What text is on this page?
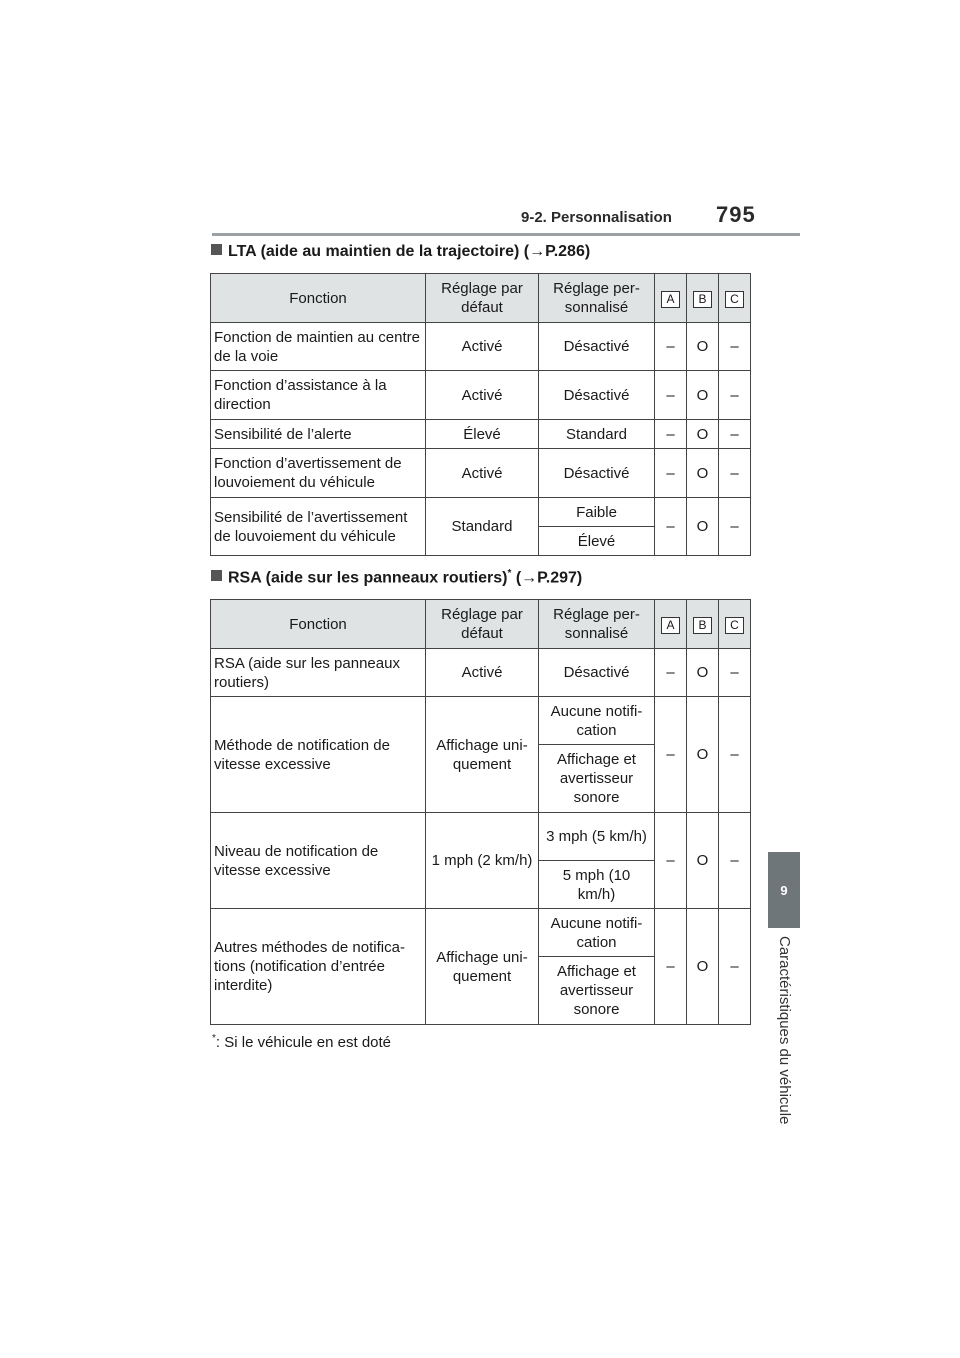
9-2. Personnalisation 795
9
Caractéristiques du véhicule
LTA (aide au maintien de la trajectoire) (→P.286)
Fonction	Réglage par défaut	Réglage per-sonnalisé	A	B	C
Fonction de maintien au centre de la voie	Activé	Désactivé	–	O	–
Fonction d’assistance à la direction	Activé	Désactivé	–	O	–
Sensibilité de l’alerte	Élevé	Standard	–	O	–
Fonction d’avertissement de louvoiement du véhicule	Activé	Désactivé	–	O	–
Sensibilité de l’avertissement de louvoiement du véhicule	Standard	Faible	–	O	–
		Élevé			
RSA (aide sur les panneaux routiers)* (→P.297)
Fonction	Réglage par défaut	Réglage per-sonnalisé	A	B	C
RSA (aide sur les panneaux routiers)	Activé	Désactivé	–	O	–
Méthode de notification de vitesse excessive	Affichage uni-quement	Aucune notifi-cation	–	O	–
		Affichage et avertisseur sonore			
Niveau de notification de vitesse excessive	1 mph (2 km/h)	3 mph (5 km/h)	–	O	–
		5 mph (10 km/h)			
Autres méthodes de notifica-tions (notification d’entrée interdite)	Affichage uni-quement	Aucune notifi-cation	–	O	–
		Affichage et avertisseur sonore			
*: Si le véhicule en est doté
